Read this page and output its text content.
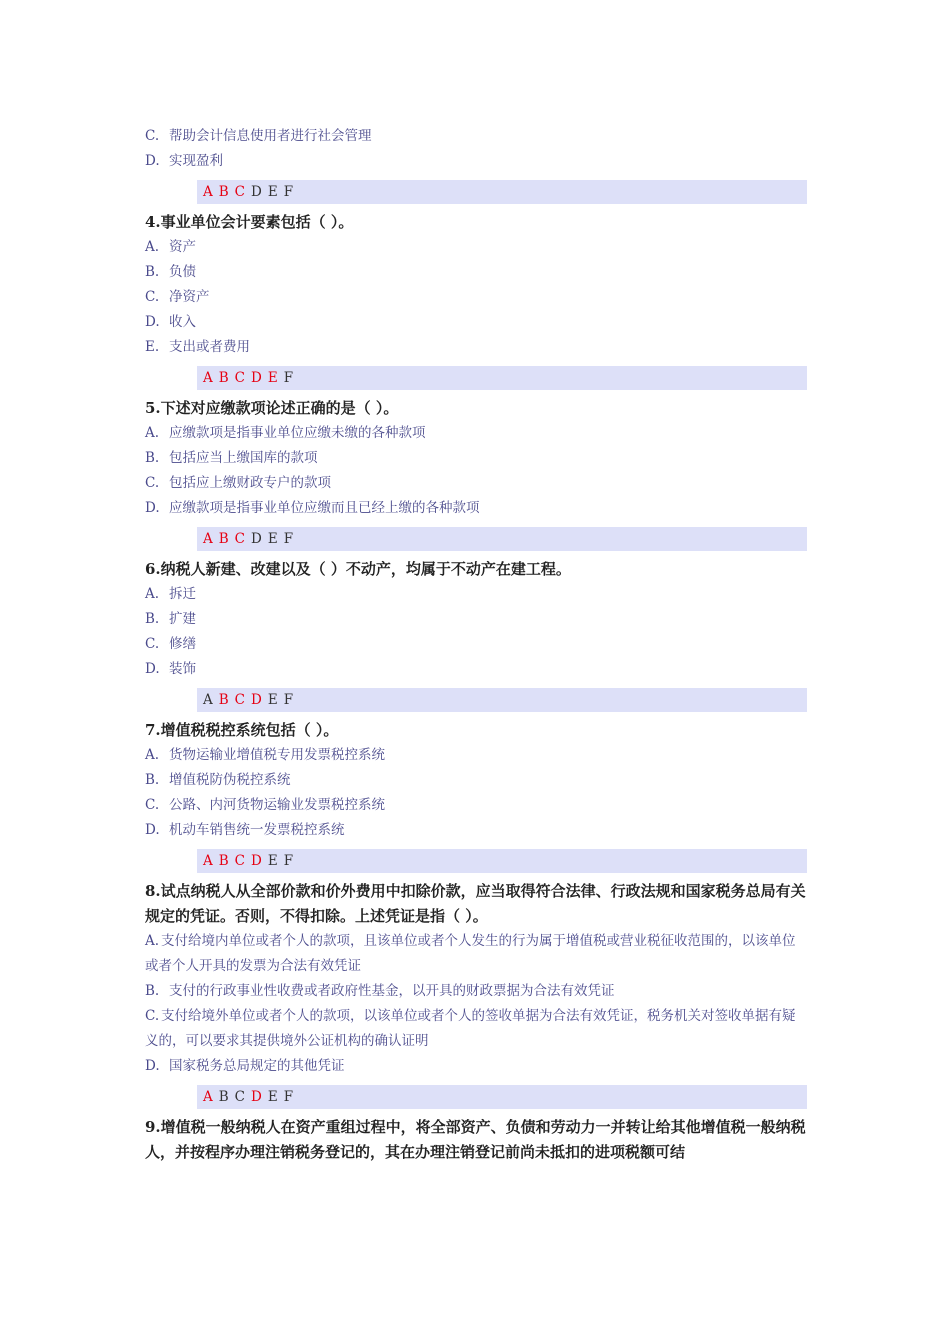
C. 帮助会计信息使用者进行社会管理
D. 实现盈利
A B C D E F
4.事业单位会计要素包括（ ）。
A. 资产
B. 负债
C. 净资产
D. 收入
E. 支出或者费用
A B C D E F
5.下述对应缴款项论述正确的是（ ）。
A. 应缴款项是指事业单位应缴未缴的各种款项
B. 包括应当上缴国库的款项
C. 包括应上缴财政专户的款项
D. 应缴款项是指事业单位应缴而且已经上缴的各种款项
A B C D E F
6.纳税人新建、改建以及（ ）不动产，均属于不动产在建工程。
A. 拆迁
B. 扩建
C. 修缮
D. 装饰
A B C D E F
7.增值税税控系统包括（ ）。
A. 货物运输业增值税专用发票税控系统
B. 增值税防伪税控系统
C. 公路、内河货物运输业发票税控系统
D. 机动车销售统一发票税控系统
A B C D E F
8.试点纳税人从全部价款和价外费用中扣除价款，应当取得符合法律、行政法规和国家税务总局有关规定的凭证。否则，不得扣除。上述凭证是指（ ）。
A. 支付给境内单位或者个人的款项，且该单位或者个人发生的行为属于增值税或营业税征收范围的，以该单位或者个人开具的发票为合法有效凭证
B. 支付的行政事业性收费或者政府性基金，以开具的财政票据为合法有效凭证
C. 支付给境外单位或者个人的款项，以该单位或者个人的签收单据为合法有效凭证，税务机关对签收单据有疑义的，可以要求其提供境外公证机构的确认证明
D. 国家税务总局规定的其他凭证
A B C D E F
9.增值税一般纳税人在资产重组过程中，将全部资产、负债和劳动力一并转让给其他增值税一般纳税人，并按程序办理注销税务登记的，其在办理注销登记前尚未抵扣的进项税额可结
